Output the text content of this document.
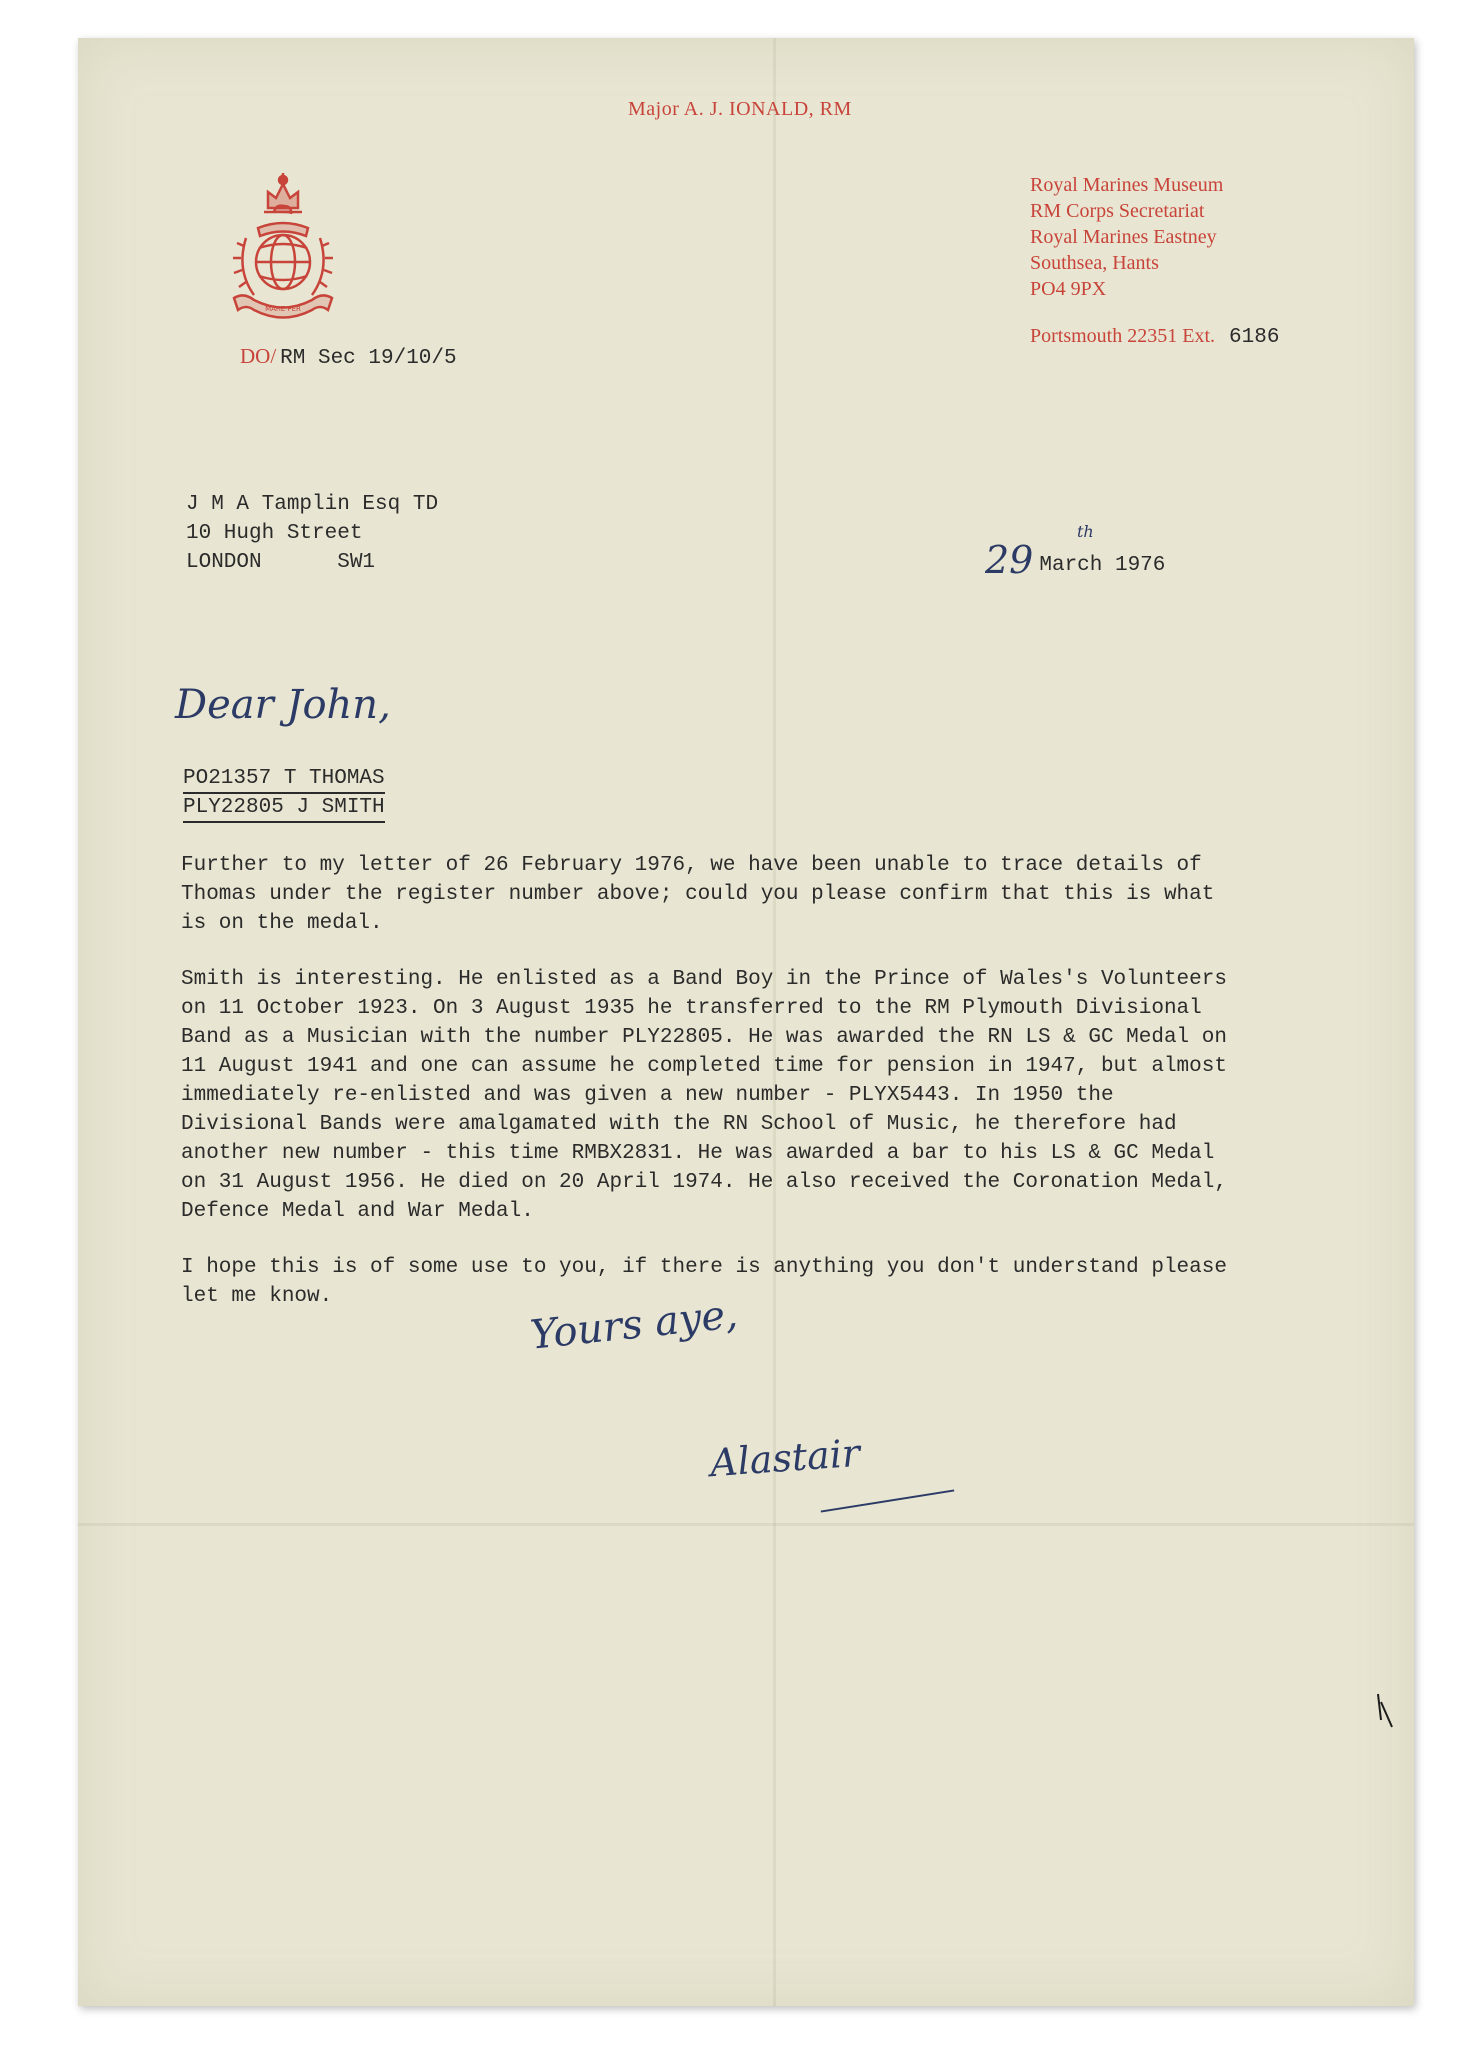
Major A. J. IONALD, RM
MARE PER
DO/ RM Sec 19/10/5
Royal Marines Museum
RM Corps Secretariat
Royal Marines Eastney
Southsea, Hants
PO4 9PX
Portsmouth 22351 Ext. 6186
J M A Tamplin Esq TD
10 Hugh Street
LONDON      SW1	29
th
March 1976
Dear John,
PO21357 T THOMAS
PLY22805 J SMITH

Further to my letter of 26 February 1976, we have been unable to trace details of
Thomas under the register number above; could you please confirm that this is what
is on the medal.

Smith is interesting. He enlisted as a Band Boy in the Prince of Wales's Volunteers
on 11 October 1923. On 3 August 1935 he transferred to the RM Plymouth Divisional
Band as a Musician with the number PLY22805. He was awarded the RN LS & GC Medal on
11 August 1941 and one can assume he completed time for pension in 1947, but almost
immediately re-enlisted and was given a new number - PLYX5443. In 1950 the
Divisional Bands were amalgamated with the RN School of Music, he therefore had
another new number - this time RMBX2831. He was awarded a bar to his LS & GC Medal
on 31 August 1956. He died on 20 April 1974. He also received the Coronation Medal,
Defence Medal and War Medal.

I hope this is of some use to you, if there is anything you don't understand please
let me know.	Yours aye,
Alastair
